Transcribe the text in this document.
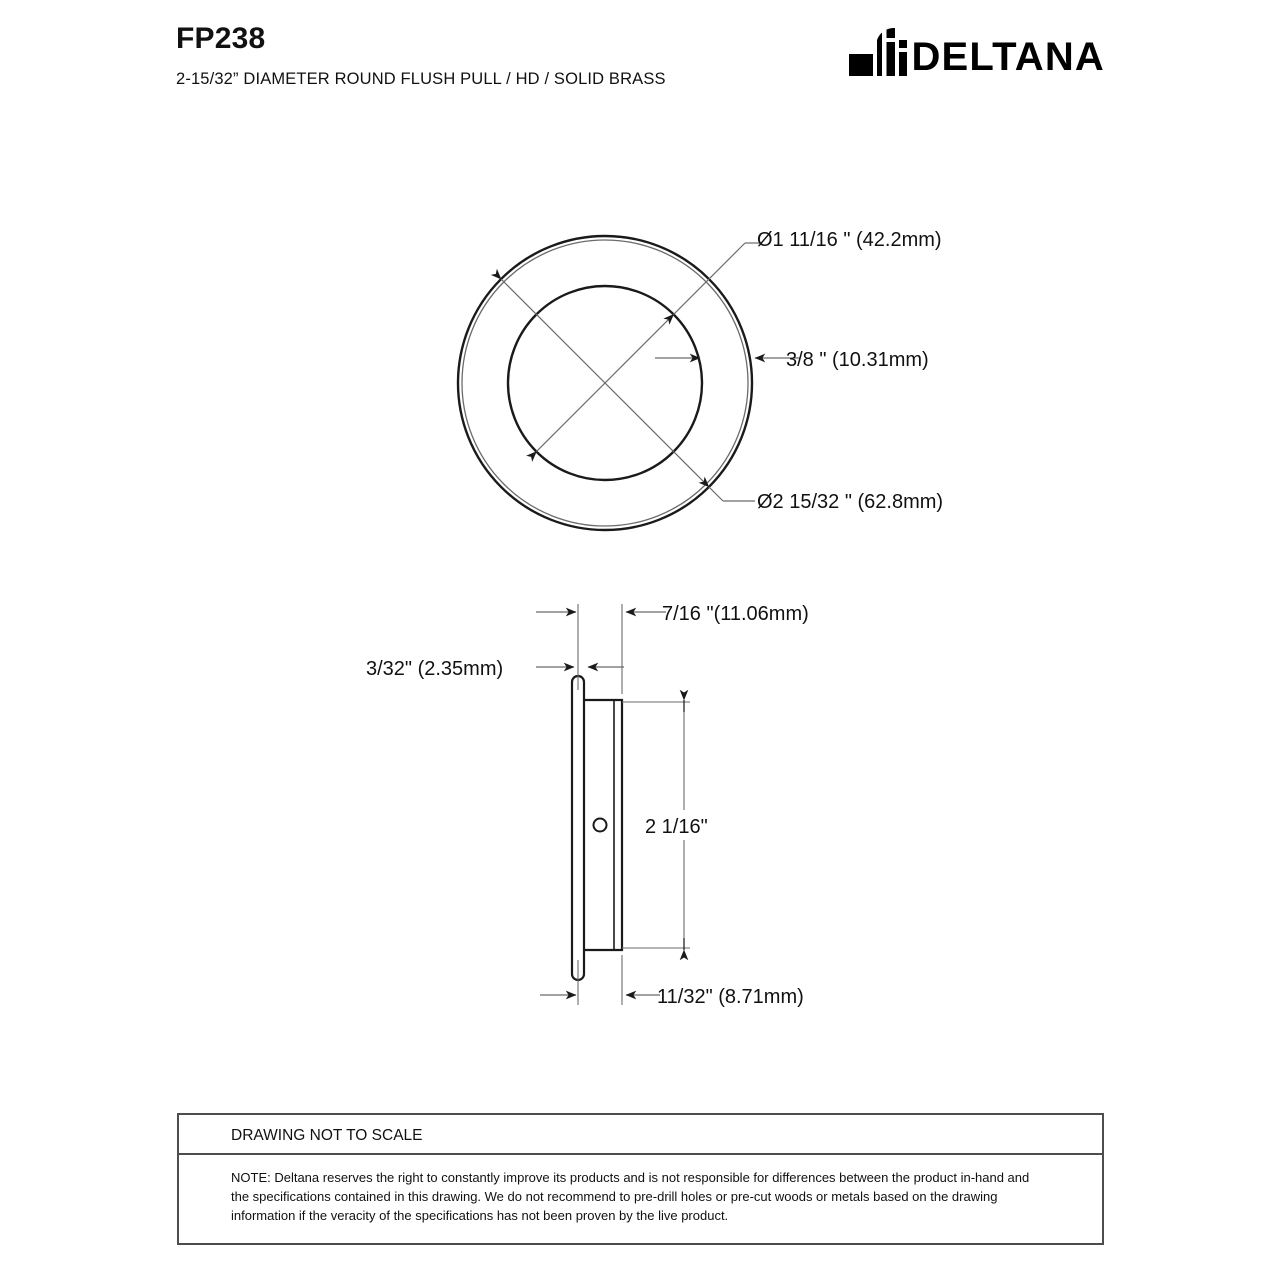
FP238
2-15/32” DIAMETER ROUND FLUSH PULL / HD / SOLID BRASS	DELTANA
Ø1 11/16 " (42.2mm)
Ø2 15/32 " (62.8mm)
3/8 " (10.31mm)
7/16 "(11.06mm)
3/32" (2.35mm)
2 1/16"
11/32" (8.71mm)
DRAWING NOT TO SCALE
NOTE: Deltana reserves the right to constantly improve its products and is not responsible for differences between the product in-hand and
the specifications contained in this drawing. We do not recommend to pre-drill holes or pre-cut woods or metals based on the drawing
information if the veracity of the specifications has not been proven by the live product.
